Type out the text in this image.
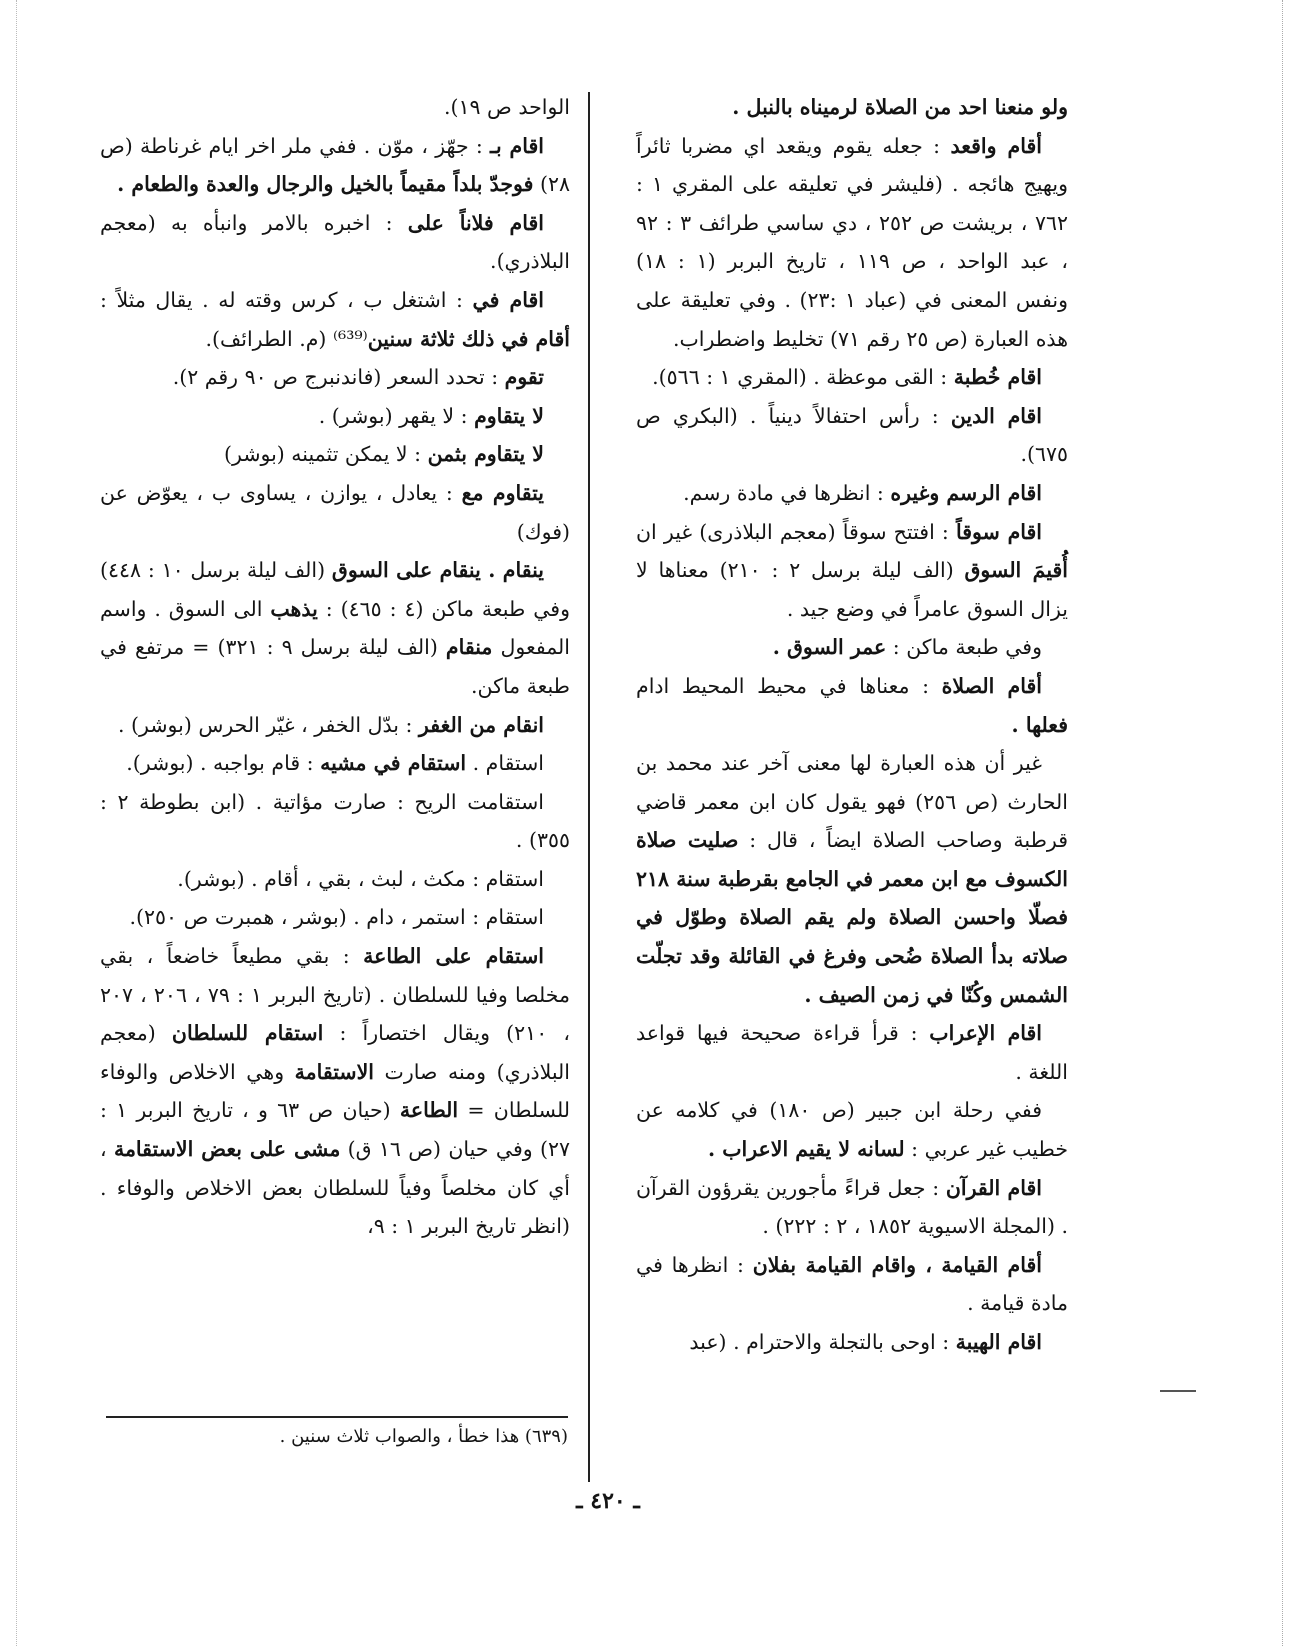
ولو منعنا احد من الصلاة لرميناه بالنبل .

أقام واقعد : جعله يقوم ويقعد اي مضربا ثائراً ويهيج هائجه . (فليشر في تعليقه على المقري ١ : ٧٦٢ ، بريشت ص ٢٥٢ ، دي ساسي طرائف ٣ : ٩٢ ، عبد الواحد ، ص ١١٩ ، تاريخ البربر (١ : ١٨) ونفس المعنى في (عباد ١ :٢٣) . وفي تعليقة على هذه العبارة (ص ٢٥ رقم ٧١) تخليط واضطراب.

اقام خُطبة : القى موعظة . (المقري ١ : ٥٦٦).

اقام الدين : رأس احتفالاً دينياً . (البكري ص ٦٧٥).

اقام الرسم وغيره : انظرها في مادة رسم.

اقام سوقاً : افتتح سوقاً (معجم البلاذرى) غير ان أُقيمَ السوق (الف ليلة برسل ٢ : ٢١٠) معناها لا يزال السوق عامراً في وضع جيد .

وفي طبعة ماكن : عمر السوق .

أقام الصلاة : معناها في محيط المحيط ادام فعلها .

غير أن هذه العبارة لها معنى آخر عند محمد بن الحارث (ص ٢٥٦) فهو يقول كان ابن معمر قاضي قرطبة وصاحب الصلاة ايضاً ، قال : صليت صلاة الكسوف مع ابن معمر في الجامع بقرطبة سنة ٢١٨ فصلّا واحسن الصلاة ولم يقم الصلاة وطوّل في صلاته بدأ الصلاة ضُحى وفرغ في القائلة وقد تجلّت الشمس وكُنّا في زمن الصيف .

اقام الإعراب : قرأ قراءة صحيحة فيها قواعد اللغة .

ففي رحلة ابن جبير (ص ١٨٠) في كلامه عن خطيب غير عربي : لسانه لا يقيم الاعراب .

اقام القرآن : جعل قراءً مأجورين يقرؤون القرآن . (المجلة الاسيوية ١٨٥٢ ، ٢ : ٢٢٢) .

أقام القيامة ، واقام القيامة بفلان : انظرها في مادة قيامة .

اقام الهيبة : اوحى بالتجلة والاحترام . (عبد

الواحد ص ١٩).

اقام بـ : جهّز ، موّن . ففي ملر اخر ايام غرناطة (ص ٢٨) فوجدّ بلداً مقيماً بالخيل والرجال والعدة والطعام .

اقام فلاناً على : اخبره بالامر وانبأه به (معجم البلاذري).

اقام في : اشتغل ب ، كرس وقته له . يقال مثلاً : أقام في ذلك ثلاثة سنين⁽⁶³⁹⁾ (م. الطرائف).

تقوم : تحدد السعر (فاندنبرج ص ٩٠ رقم ٢).

لا يتقاوم : لا يقهر (بوشر) .

لا يتقاوم بثمن : لا يمكن تثمينه (بوشر)

يتقاوم مع : يعادل ، يوازن ، يساوى ب ، يعوّض عن (فوك)

ينقام . ينقام على السوق (الف ليلة برسل ١٠ : ٤٤٨) وفي طبعة ماكن (٤ : ٤٦٥) : يذهب الى السوق . واسم المفعول منقام (الف ليلة برسل ٩ : ٣٢١) = مرتفع في طبعة ماكن.

انقام من الغفر : بدّل الخفر ، غيّر الحرس (بوشر) .

استقام . استقام في مشيه : قام بواجبه . (بوشر).

استقامت الريح : صارت مؤاتية . (ابن بطوطة ٢ : ٣٥٥) .

استقام : مكث ، لبث ، بقي ، أقام . (بوشر).

استقام : استمر ، دام . (بوشر ، همبرت ص ٢٥٠).

استقام على الطاعة : بقي مطيعاً خاضعاً ، بقي مخلصا وفيا للسلطان . (تاريخ البربر ١ : ٧٩ ، ٢٠٦ ، ٢٠٧ ، ٢١٠) ويقال اختصاراً : استقام للسلطان (معجم البلاذري) ومنه صارت الاستقامة وهي الاخلاص والوفاء للسلطان = الطاعة (حيان ص ٦٣ و ، تاريخ البربر ١ : ٢٧) وفي حيان (ص ١٦ ق) مشى على بعض الاستقامة ، أي كان مخلصاً وفياً للسلطان بعض الاخلاص والوفاء . (انظر تاريخ البربر ١ : ٩،

(٦٣٩) هذا خطأ ، والصواب ثلاث سنين .
ـ ٤٢٠ ـ
